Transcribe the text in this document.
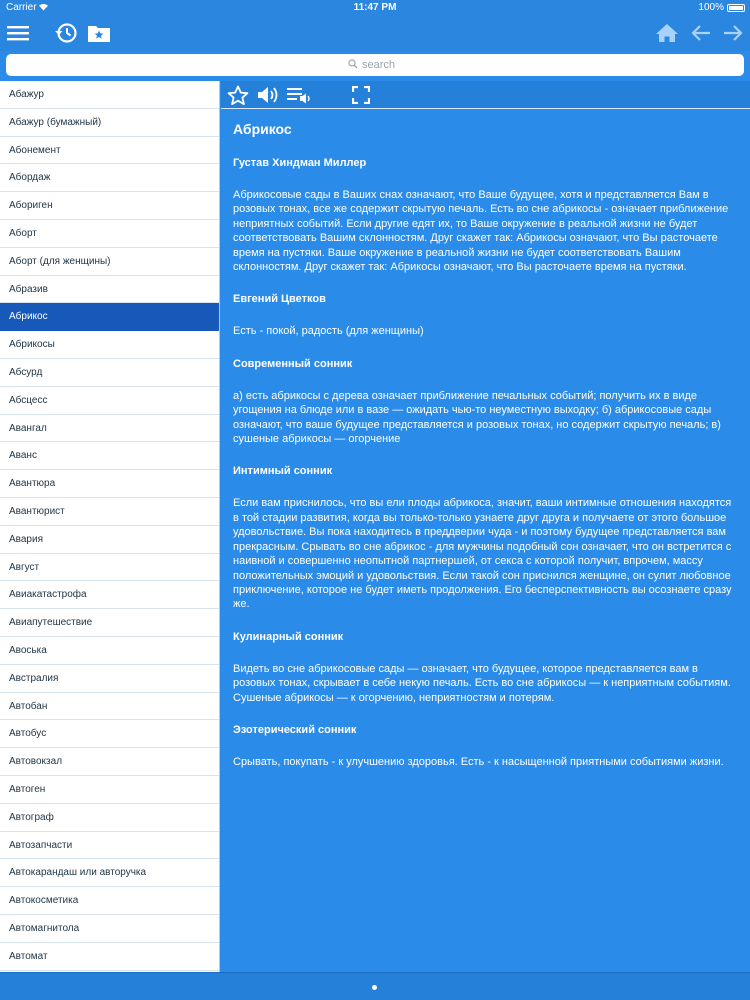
Carrier	11:47 PM	100%
search
Абажур
Абажур (бумажный)
Абонемент
Абордаж
Абориген
Аборт
Аборт (для женщины)
Абразив
Абрикос
Абрикосы
Абсурд
Абсцесс
Авангал
Аванс
Авантюра
Авантюрист
Авария
Август
Авиакатастрофа
Авиапутешествие
Авоська
Австралия
Автобан
Автобус
Автовокзал
Автоген
Автограф
Автозапчасти
Автокарандаш или авторучка
Автокосметика
Автомагнитола
Автомат
Абрикос
Густав Хиндман Миллер

Абрикосовые сады в Ваших снах означают, что Ваше будущее, хотя и представляется Вам в розовых тонах, все же содержит скрытую печаль. Есть во сне абрикосы - означает приближение неприятных событий. Если другие едят их, то Ваше окружение в реальной жизни не будет соответствовать Вашим склонностям. Друг скажет так: Абрикосы означают, что Вы расточаете время на пустяки. Ваше окружение в реальной жизни не будет соответствовать Вашим склонностям. Друг скажет так: Абрикосы означают, что Вы расточаете время на пустяки.

Евгений Цветков

Есть - покой, радость (для женщины)

Современный сонник

а) есть абрикосы с дерева означает приближение печальных событий; получить их в виде угощения на блюде или в вазе — ожидать чью-то неуместную выходку; б) абрикосовые сады означают, что ваше будущее представляется и розовых тонах, но содержит скрытую печаль; в) сушеные абрикосы — огорчение

Интимный сонник

Если вам приснилось, что вы ели плоды абрикоса, значит, ваши интимные отношения находятся в той стадии развития, когда вы только-только узнаете друг друга и получаете от этого большое удовольствие. Вы пока находитесь в преддверии чуда - и поэтому будущее представляется вам прекрасным. Срывать во сне абрикос - для мужчины подобный сон означает, что он встретится с наивной и совершенно неопытной партнершей, от секса с которой получит, впрочем, массу положительных эмоций и удовольствия. Если такой сон приснился женщине, он сулит любовное приключение, которое не будет иметь продолжения. Его бесперспективность вы осознаете сразу же.

Кулинарный сонник

Видеть во сне абрикосовые сады — означает, что будущее, которое представляется вам в розовых тонах, скрывает в себе некую печаль. Есть во сне абрикосы — к неприятным событиям. Сушеные абрикосы — к огорчению, неприятностям и потерям.

Эзотерический сонник

Срывать, покупать - к улучшению здоровья. Есть - к насыщенной приятными событиями жизни.
